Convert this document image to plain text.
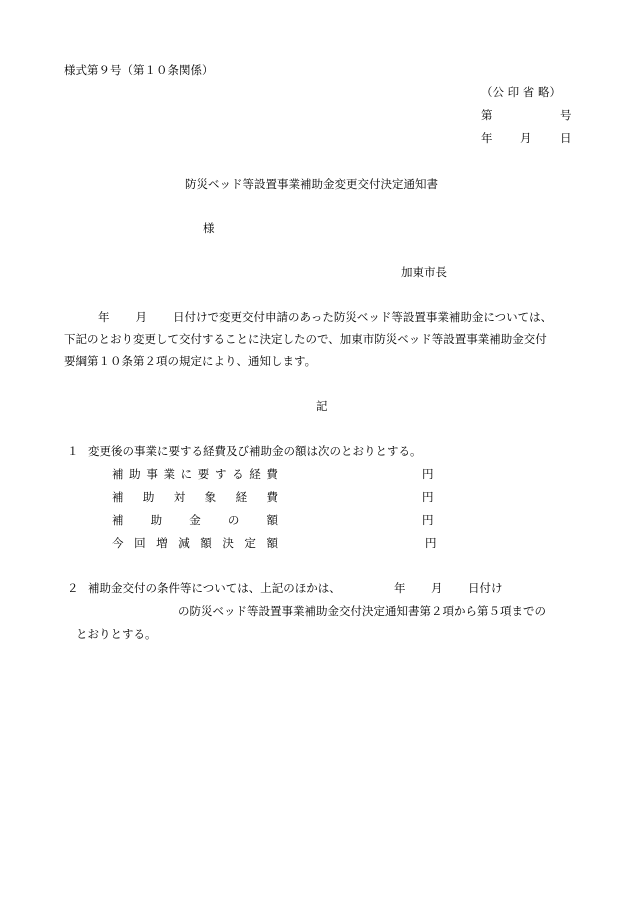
様式第９号（第１０条関係）
（公 印 省 略）
第	号
年 月 日
防災ベッド等設置事業補助金変更交付決定通知書
様
加東市長

年 月 日付けで変更交付申請のあった防災ベッド等設置事業補助金については、

下記のとおり変更して交付することに決定したので、加東市防災ベッド等設置事業補助金交付

要綱第１０条第２項の規定により、通知します。

記
１ 変更後の事業に要する経費及び補助金の額は次のとおりとする。
補 助 事 業 に 要 す る 経 費	円
補 助 対 象 経 費	円
補 助 金 の 額	円
今 回 増 減 額 決 定 額	円
２ 補助金交付の条件等については、上記のほかは、	年 月 日付け
の防災ベッド等設置事業補助金交付決定通知書第２項から第５項までの
とおりとする。
